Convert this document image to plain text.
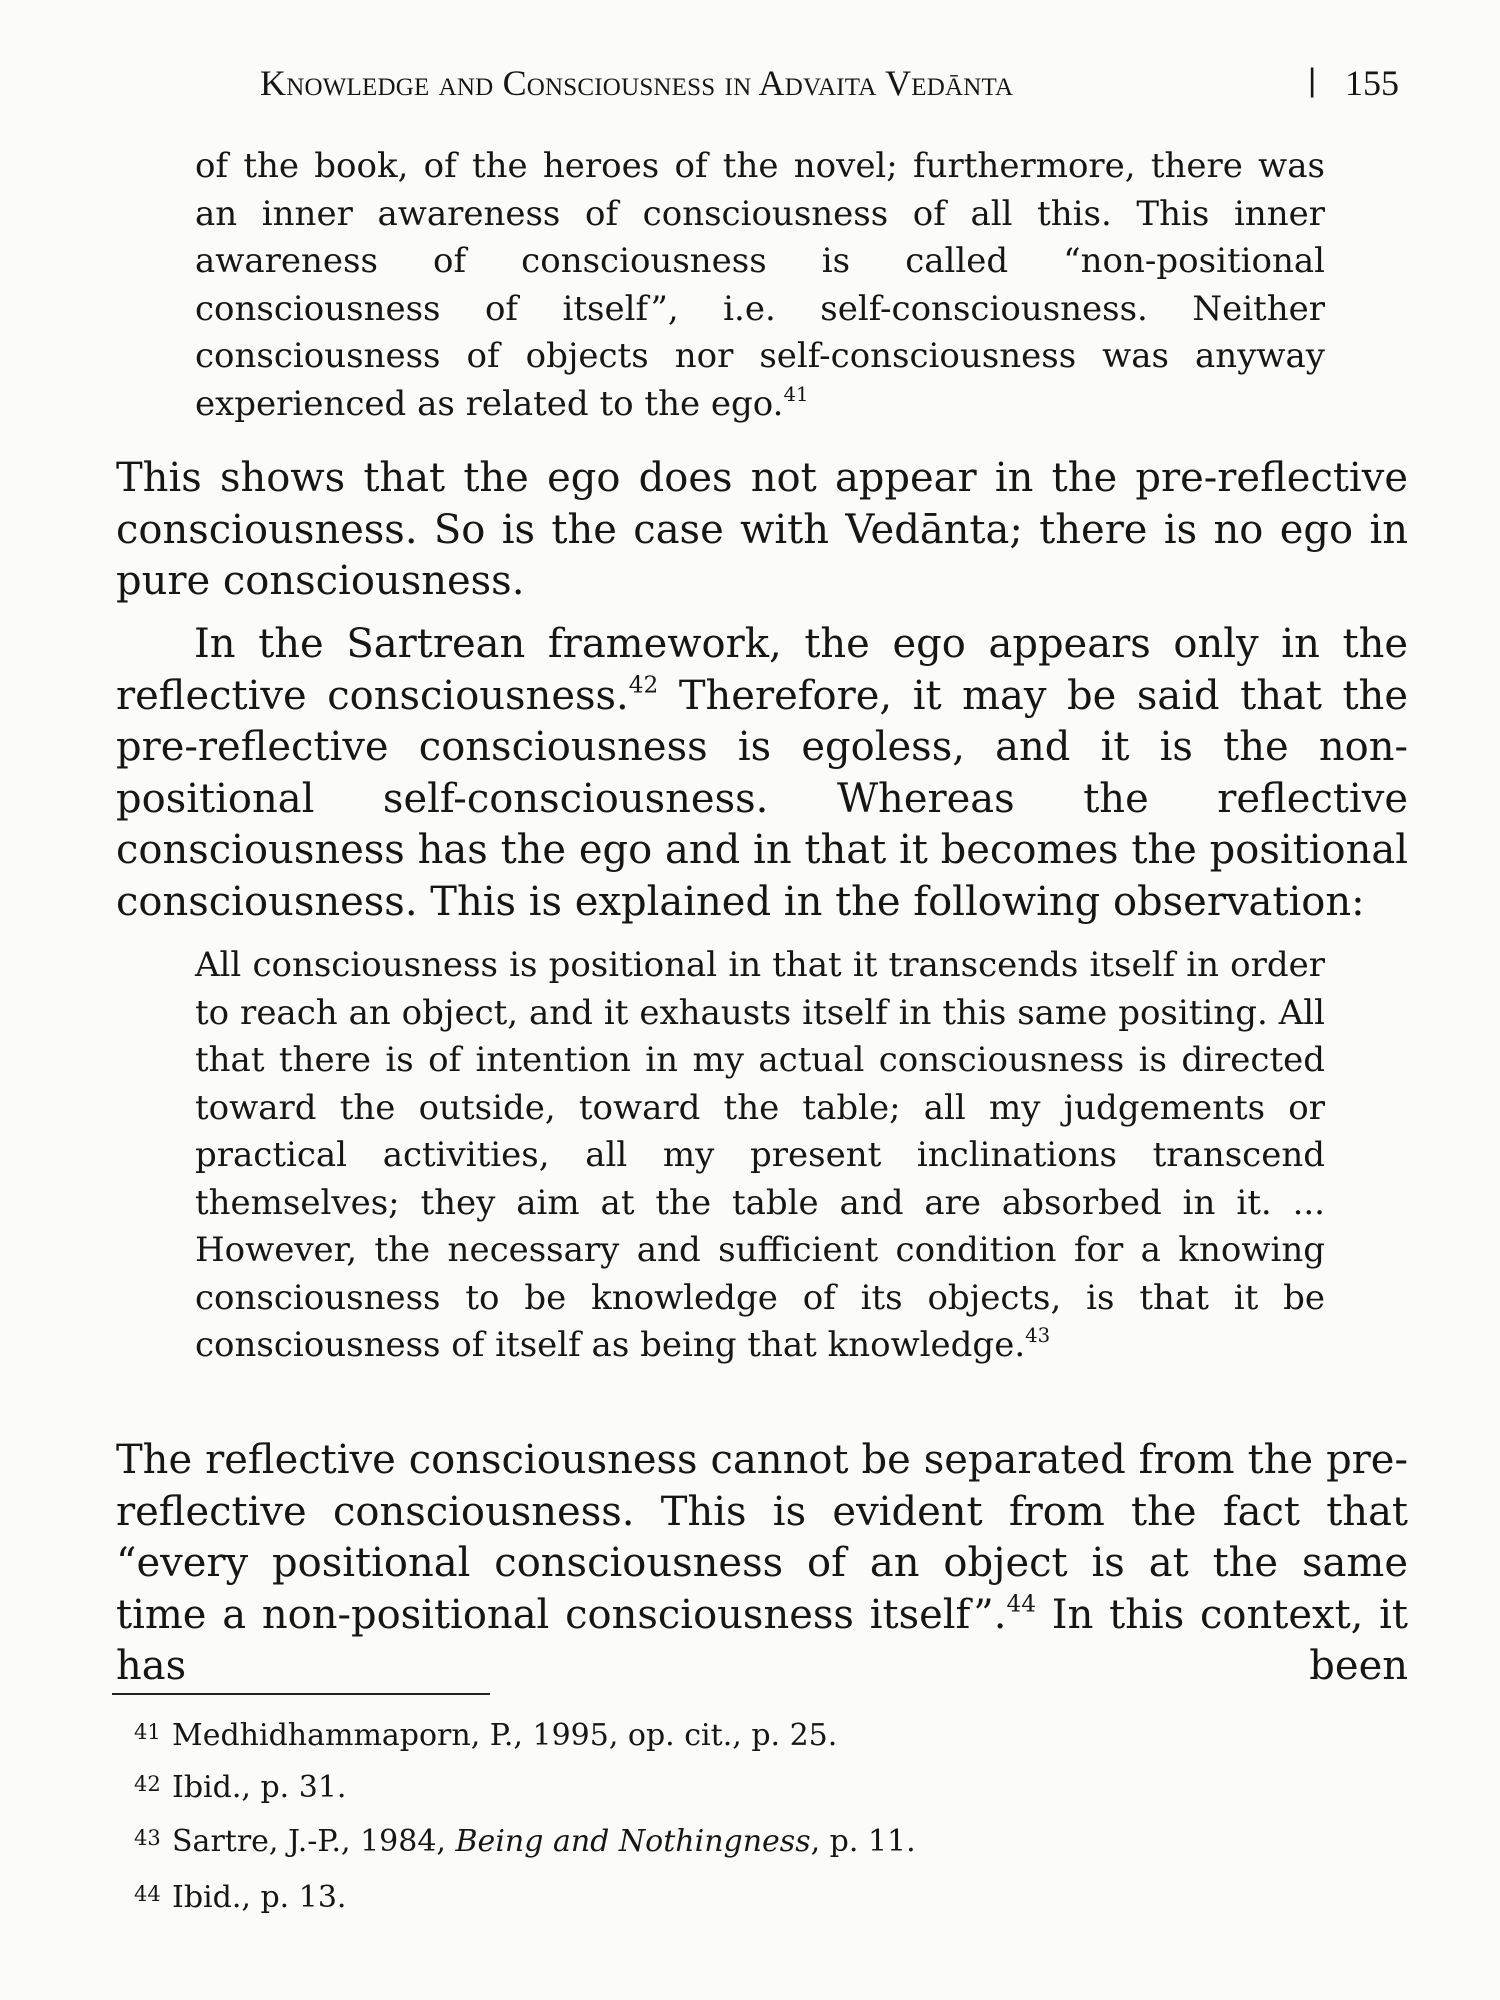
Knowledge and Consciousness in Advaita Vedānta	| 155

of the book, of the heroes of the novel; furthermore, there was an inner awareness of consciousness of all this. This inner awareness of consciousness is called “non-positional consciousness of itself”, i.e. self-consciousness. Neither consciousness of objects nor self-consciousness was anyway experienced as related to the ego.$^{41}$

This shows that the ego does not appear in the pre-reflective consciousness. So is the case with Vedānta; there is no ego in pure consciousness.

In the Sartrean framework, the ego appears only in the reflective consciousness.$^{42}$ Therefore, it may be said that the pre-reflective consciousness is egoless, and it is the non-positional self-consciousness. Whereas the reflective consciousness has the ego and in that it becomes the positional consciousness. This is explained in the following observation:

All consciousness is positional in that it transcends itself in order to reach an object, and it exhausts itself in this same positing. All that there is of intention in my actual consciousness is directed toward the outside, toward the table; all my judgements or practical activities, all my present inclinations transcend themselves; they aim at the table and are absorbed in it. ... However, the necessary and sufficient condition for a knowing consciousness to be knowledge of its objects, is that it be consciousness of itself as being that knowledge.$^{43}$

The reflective consciousness cannot be separated from the pre-reflective consciousness. This is evident from the fact that “every positional consciousness of an object is at the same time a non-positional consciousness itself”.$^{44}$ In this context, it has been

41 Medhidhammaporn, P., 1995, op. cit., p. 25.
42 Ibid., p. 31.
43 Sartre, J.-P., 1984, Being and Nothingness, p. 11.
44 Ibid., p. 13.
